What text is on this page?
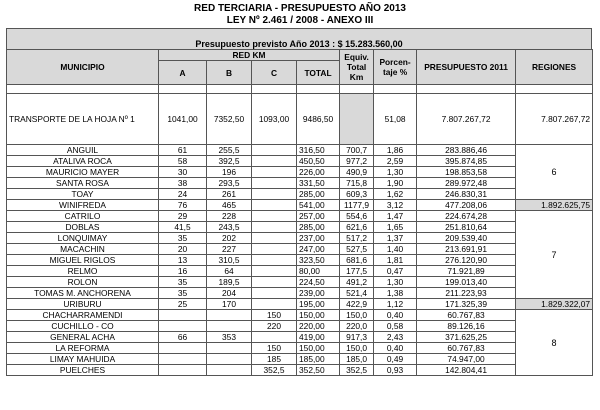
RED TERCIARIA - PRESUPUESTO AÑO 2013
LEY Nº 2.461 / 2008 - ANEXO III
Presupuesto previsto Año 2013 : $ 15.283.560,00
MUNICIPIO	RED KM				Equiv. Total Km	Porcen-taje %	PRESUPUESTO 2011	REGIONES
	A	B	C	TOTAL				

TRANSPORTE DE LA HOJA Nº 1	1041,00	7352,50	1093,00	9486,50		51,08	7.807.267,72	7.807.267,72
ANGUIL	61	255,5		316,50	700,7	1,86	283.886,46	6
ATALIVA ROCA	58	392,5		450,50	977,2	2,59	395.874,85	
MAURICIO MAYER	30	196		226,00	490,9	1,30	198.853,58	
SANTA ROSA	38	293,5		331,50	715,8	1,90	289.972,48	
TOAY	24	261		285,00	609,3	1,62	246.830,31	
WINIFREDA	76	465		541,00	1177,9	3,12	477.208,06	1.892.625,75
CATRILO	29	228		257,00	554,6	1,47	224.674,28	7
DOBLAS	41,5	243,5		285,00	621,6	1,65	251.810,64	
LONQUIMAY	35	202		237,00	517,2	1,37	209.539,40	
MACACHIN	20	227		247,00	527,5	1,40	213.691,91	
MIGUEL RIGLOS	13	310,5		323,50	681,6	1,81	276.120,90	
RELMO	16	64		80,00	177,5	0,47	71.921,89	
ROLON	35	189,5		224,50	491,2	1,30	199.013,40	
TOMAS M. ANCHORENA	35	204		239,00	521,4	1,38	211.223,93	
URIBURU	25	170		195,00	422,9	1,12	171.325,39	1.829.322,07
CHACHARRAMENDI			150	150,00	150,0	0,40	60.767,83	8
CUCHILLO - CO			220	220,00	220,0	0,58	89.126,16	
GENERAL ACHA	66	353		419,00	917,3	2,43	371.625,25	
LA REFORMA			150	150,00	150,0	0,40	60.767,83	
LIMAY MAHUIDA			185	185,00	185,0	0,49	74.947,00	
PUELCHES			352,5	352,50	352,5	0,93	142.804,41	
